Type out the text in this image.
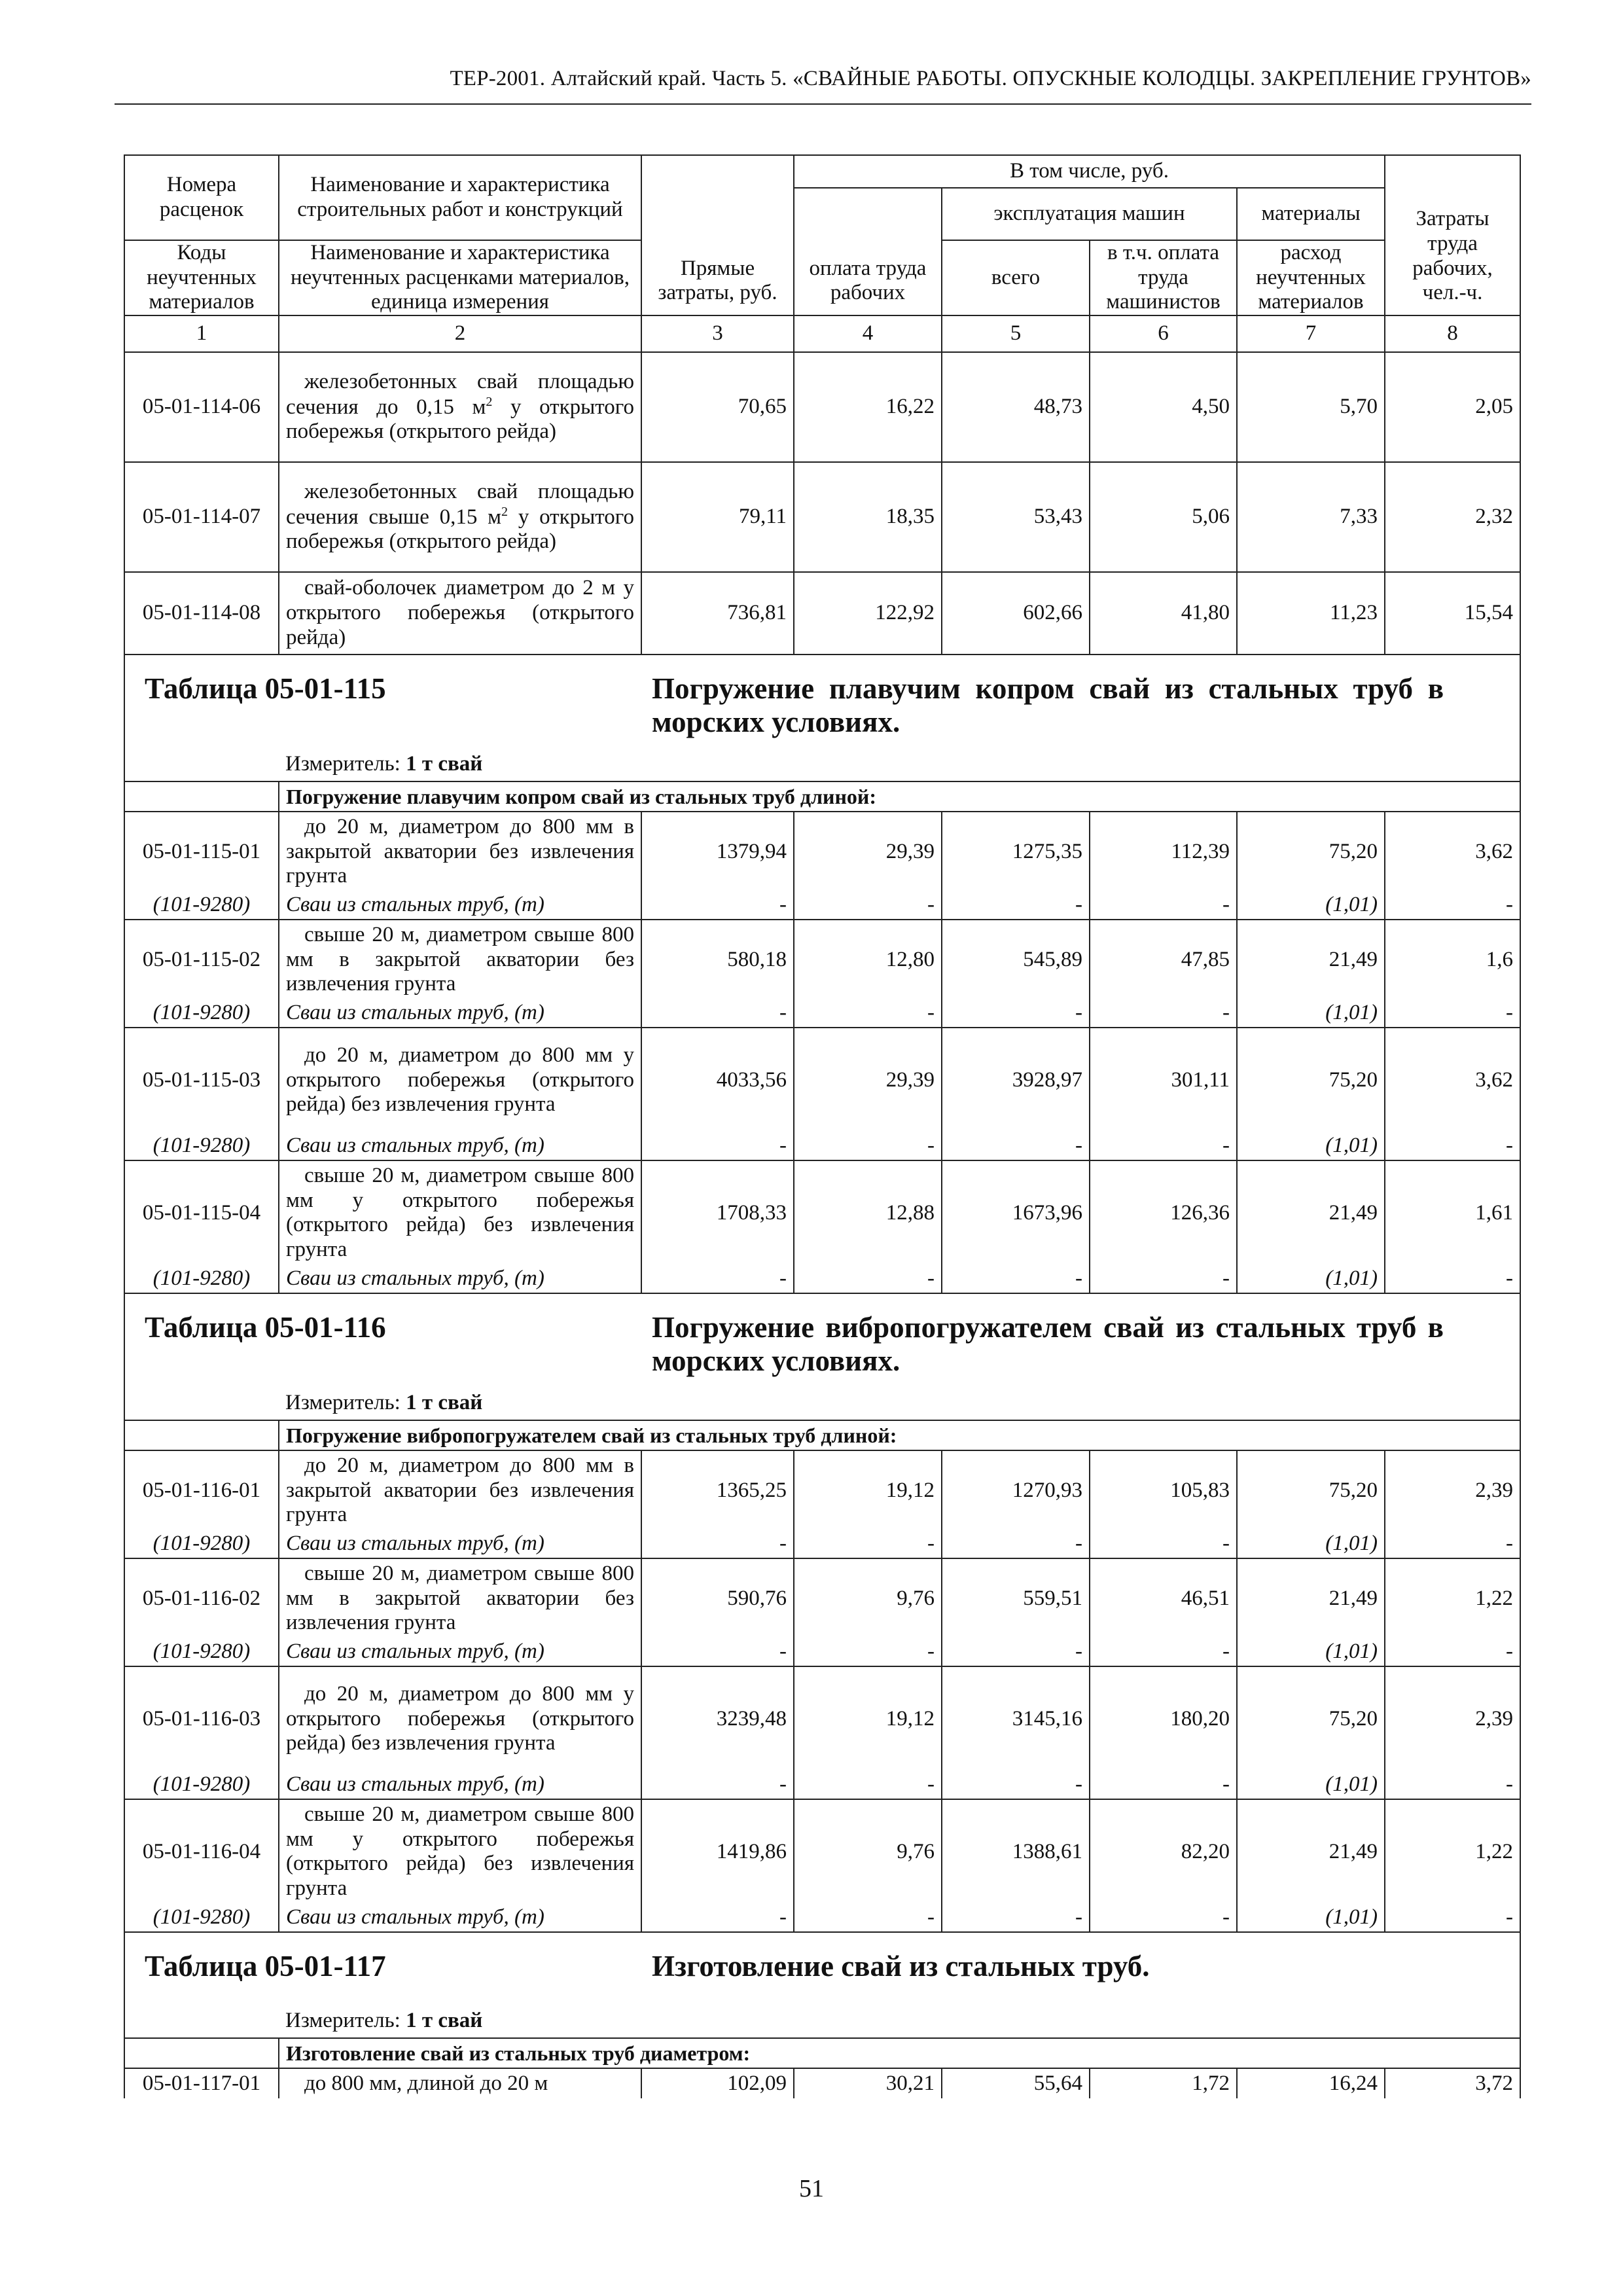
ТЕР-2001. Алтайский край. Часть 5. «СВАЙНЫЕ РАБОТЫ. ОПУСКНЫЕ КОЛОДЦЫ. ЗАКРЕПЛЕНИЕ ГРУНТОВ»
Номера расценок	Наименование и характеристика строительных работ и конструкций	Прямые затраты, руб.	В том числе, руб.				Затраты труда рабочих, чел.-ч.
			оплата труда рабочих	эксплуатация машин		материалы	
Коды неучтенных материалов	Наименование и характеристика неучтенных расценками материалов, единица измерения			всего	в т.ч. оплата труда машинистов	расход неучтенных материалов	
1	2	3	4	5	6	7	8
05-01-114-06	железобетонных свай площадью сечения до 0,15 $м^2$ у открытого побережья (открытого рейда)	70,65	16,22	48,73	4,50	5,70	2,05
05-01-114-07	железобетонных свай площадью сечения свыше 0,15 $м^2$ у открытого побережья (открытого рейда)	79,11	18,35	53,43	5,06	7,33	2,32
05-01-114-08	свай-оболочек диаметром до 2 м у открытого побережья (открытого рейда)	736,81	122,92	602,66	41,80	11,23	15,54

Таблица 05-01-115 Погружение плавучим копром свай из стальных труб в морских условиях.
Измеритель: 1 т свай							

	Погружение плавучим копром свай из стальных труб длиной:						
05-01-115-01	до 20 м, диаметром до 800 мм в закрытой акватории без извлечения грунта	1379,94	29,39	1275,35	112,39	75,20	3,62
(101-9280)	Сваи из стальных труб, (т)	-	-	-	-	(1,01)	-
05-01-115-02	свыше 20 м, диаметром свыше 800 мм в закрытой акватории без извлечения грунта	580,18	12,80	545,89	47,85	21,49	1,6
(101-9280)	Сваи из стальных труб, (т)	-	-	-	-	(1,01)	-
05-01-115-03	до 20 м, диаметром до 800 мм у открытого побережья (открытого рейда) без извлечения грунта	4033,56	29,39	3928,97	301,11	75,20	3,62
(101-9280)	Сваи из стальных труб, (т)	-	-	-	-	(1,01)	-
05-01-115-04	свыше 20 м, диаметром свыше 800 мм у открытого побережья (открытого рейда) без извлечения грунта	1708,33	12,88	1673,96	126,36	21,49	1,61
(101-9280)	Сваи из стальных труб, (т)	-	-	-	-	(1,01)	-

Таблица 05-01-116 Погружение вибропогружателем свай из стальных труб в морских условиях.
Измеритель: 1 т свай							

	Погружение вибропогружателем свай из стальных труб длиной:						
05-01-116-01	до 20 м, диаметром до 800 мм в закрытой акватории без извлечения грунта	1365,25	19,12	1270,93	105,83	75,20	2,39
(101-9280)	Сваи из стальных труб, (т)	-	-	-	-	(1,01)	-
05-01-116-02	свыше 20 м, диаметром свыше 800 мм в закрытой акватории без извлечения грунта	590,76	9,76	559,51	46,51	21,49	1,22
(101-9280)	Сваи из стальных труб, (т)	-	-	-	-	(1,01)	-
05-01-116-03	до 20 м, диаметром до 800 мм у открытого побережья (открытого рейда) без извлечения грунта	3239,48	19,12	3145,16	180,20	75,20	2,39
(101-9280)	Сваи из стальных труб, (т)	-	-	-	-	(1,01)	-
05-01-116-04	свыше 20 м, диаметром свыше 800 мм у открытого побережья (открытого рейда) без извлечения грунта	1419,86	9,76	1388,61	82,20	21,49	1,22
(101-9280)	Сваи из стальных труб, (т)	-	-	-	-	(1,01)	-

Таблица 05-01-117 Изготовление свай из стальных труб.
Измеритель: 1 т свай							

	Изготовление свай из стальных труб диаметром:						
05-01-117-01	до 800 мм, длиной до 20 м	102,09	30,21	55,64	1,72	16,24	3,72
51
